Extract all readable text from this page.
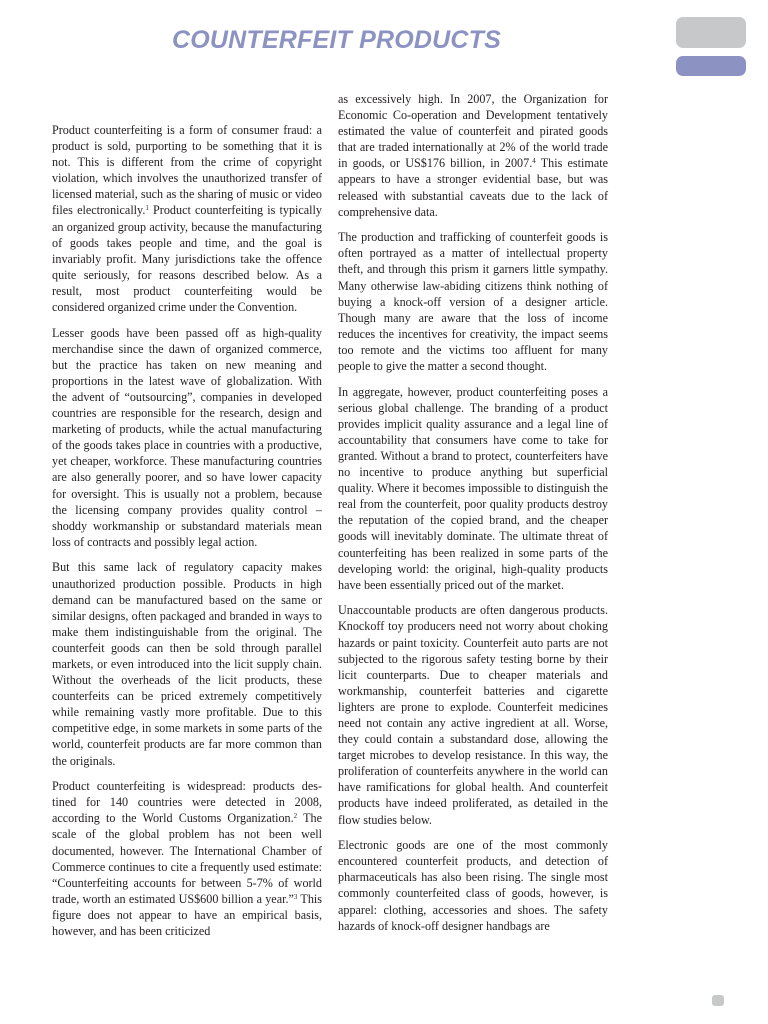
COUNTERFEIT PRODUCTS

Product counterfeiting is a form of consumer fraud: a product is sold, purporting to be something that it is not. This is different from the crime of copyright violation, which involves the unauthorized transfer of licensed material, such as the sharing of music or video files electronically.$^1$ Product counterfeiting is typically an organized group activity, because the manufacturing of goods takes people and time, and the goal is invariably profit. Many jurisdictions take the offence quite seriously, for reasons described below. As a result, most product counterfeiting would be considered organized crime under the Convention.

Lesser goods have been passed off as high-quality merchandise since the dawn of organized commerce, but the practice has taken on new meaning and proportions in the latest wave of globalization. With the advent of “outsourcing”, companies in developed countries are responsible for the research, design and marketing of products, while the actual manufacturing of the goods takes place in countries with a productive, yet cheaper, workforce. These manufacturing countries are also generally poorer, and so have lower capacity for oversight. This is usually not a problem, because the licensing company provides quality control – shoddy workmanship or substandard materials mean loss of contracts and possibly legal action.

But this same lack of regulatory capacity makes unauthorized production possible. Products in high demand can be manufactured based on the same or similar designs, often packaged and branded in ways to make them indistinguishable from the original. The counterfeit goods can then be sold through parallel markets, or even introduced into the licit supply chain. Without the overheads of the licit products, these counterfeits can be priced extremely competitively while remaining vastly more profitable. Due to this competitive edge, in some markets in some parts of the world, counterfeit products are far more common than the originals.

Product counterfeiting is widespread: products destined for 140 countries were detected in 2008, according to the World Customs Organization.$^2$ The scale of the global problem has not been well documented, however. The International Chamber of Commerce continues to cite a frequently used estimate: “Counterfeiting accounts for between 5-7% of world trade, worth an estimated US$600 billion a year.”$^3$ This figure does not appear to have an empirical basis, however, and has been criticized

as excessively high. In 2007, the Organization for Economic Co-operation and Development tentatively estimated the value of counterfeit and pirated goods that are traded internationally at 2% of the world trade in goods, or US$176 billion, in 2007.$^4$ This estimate appears to have a stronger evidential base, but was released with substantial caveats due to the lack of comprehensive data.

The production and trafficking of counterfeit goods is often portrayed as a matter of intellectual property theft, and through this prism it garners little sympathy. Many otherwise law-abiding citizens think nothing of buying a knock-off version of a designer article. Though many are aware that the loss of income reduces the incentives for creativity, the impact seems too remote and the victims too affluent for many people to give the matter a second thought.

In aggregate, however, product counterfeiting poses a serious global challenge. The branding of a product provides implicit quality assurance and a legal line of accountability that consumers have come to take for granted. Without a brand to protect, counterfeiters have no incentive to produce anything but superficial quality. Where it becomes impossible to distinguish the real from the counterfeit, poor quality products destroy the reputation of the copied brand, and the cheaper goods will inevitably dominate. The ultimate threat of counterfeiting has been realized in some parts of the developing world: the original, high-quality products have been essentially priced out of the market.

Unaccountable products are often dangerous products. Knockoff toy producers need not worry about choking hazards or paint toxicity. Counterfeit auto parts are not subjected to the rigorous safety testing borne by their licit counterparts. Due to cheaper materials and workmanship, counterfeit batteries and cigarette lighters are prone to explode. Counterfeit medicines need not contain any active ingredient at all. Worse, they could contain a substandard dose, allowing the target microbes to develop resistance. In this way, the proliferation of counterfeits anywhere in the world can have ramifications for global health. And counterfeit products have indeed proliferated, as detailed in the flow studies below.

Electronic goods are one of the most commonly encountered counterfeit products, and detection of pharmaceuticals has also been rising. The single most commonly counterfeited class of goods, however, is apparel: clothing, accessories and shoes. The safety hazards of knock-off designer handbags are
